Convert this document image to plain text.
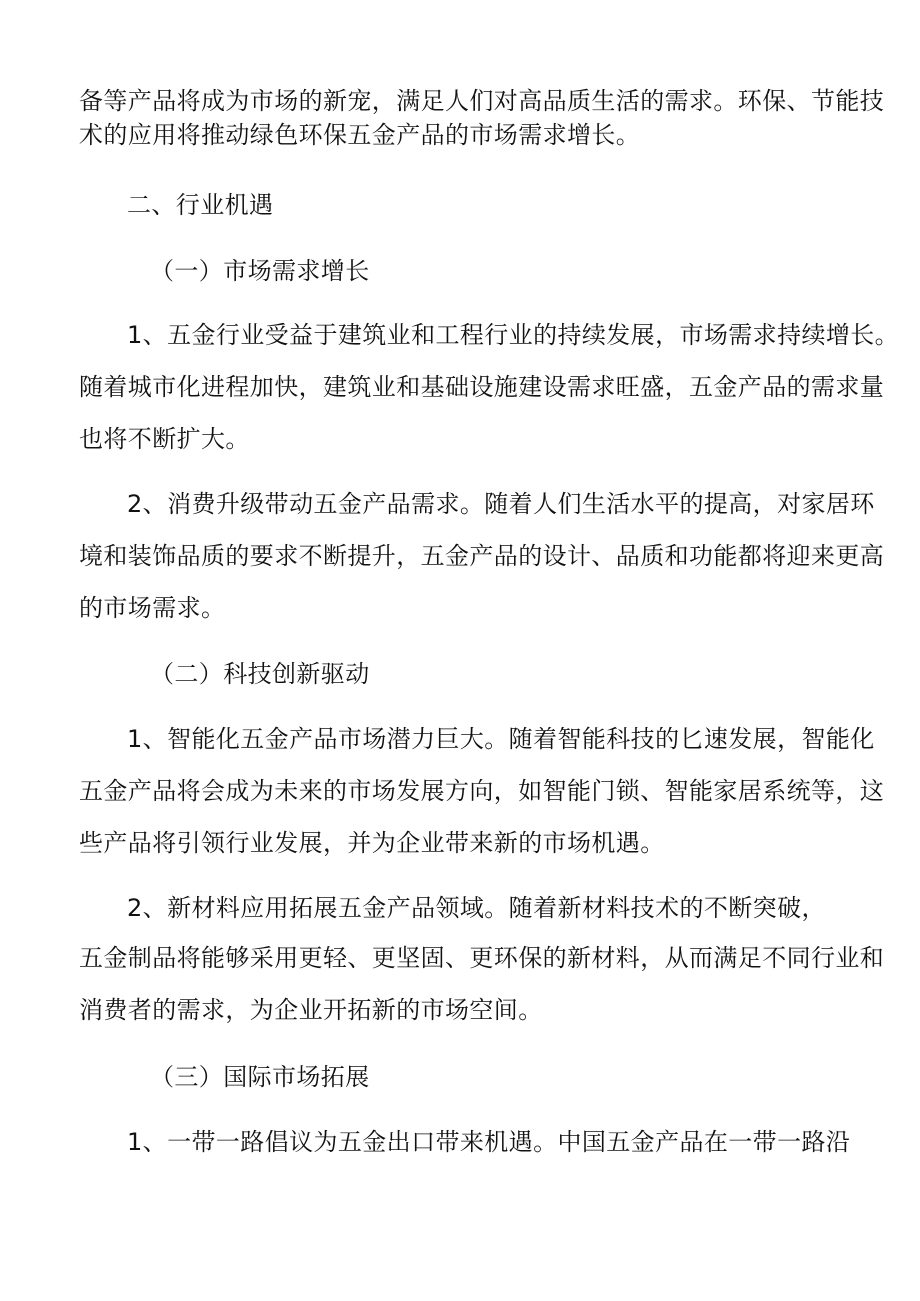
备等产品将成为市场的新宠，满足人们对高品质生活的需求。环保、节能技
术的应用将推动绿色环保五金产品的市场需求增长。
二、行业机遇
（一）市场需求增长
1、五金行业受益于建筑业和工程行业的持续发展，市场需求持续增长。
随着城市化进程加快，建筑业和基础设施建设需求旺盛，五金产品的需求量
也将不断扩大。
2、消费升级带动五金产品需求。随着人们生活水平的提高，对家居环
境和装饰品质的要求不断提升，五金产品的设计、品质和功能都将迎来更高
的市场需求。
（二）科技创新驱动
1、智能化五金产品市场潜力巨大。随着智能科技的匕速发展，智能化
五金产品将会成为未来的市场发展方向，如智能门锁、智能家居系统等，这
些产品将引领行业发展，并为企业带来新的市场机遇。
2、新材料应用拓展五金产品领域。随着新材料技术的不断突破，
五金制品将能够采用更轻、更坚固、更环保的新材料，从而满足不同行业和
消费者的需求，为企业开拓新的市场空间。
（三）国际市场拓展
1、一带一路倡议为五金出口带来机遇。中国五金产品在一带一路沿
